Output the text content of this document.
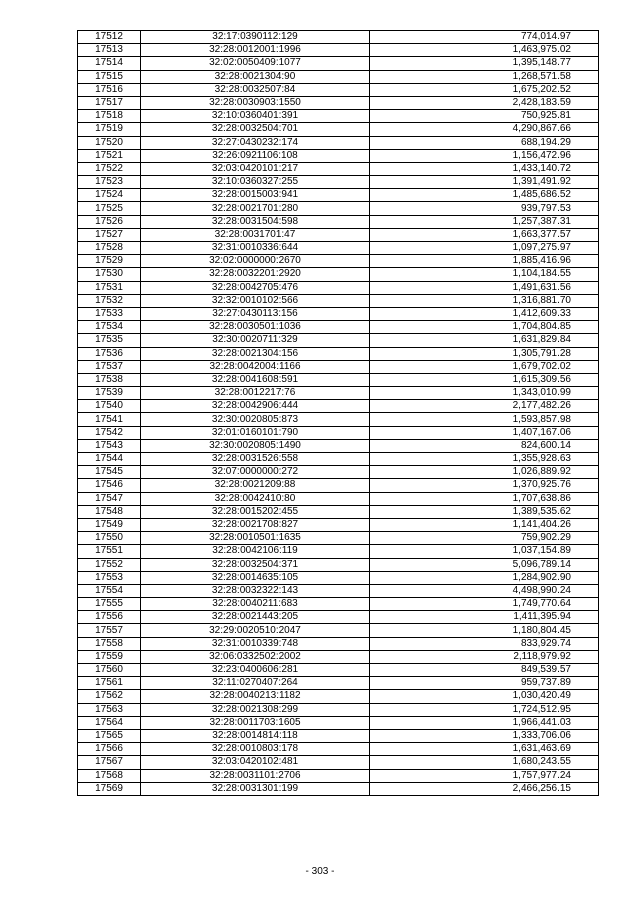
17512	32:17:0390112:129	774,014.97
17513	32:28:0012001:1996	1,463,975.02
17514	32:02:0050409:1077	1,395,148.77
17515	32:28:0021304:90	1,268,571.58
17516	32:28:0032507:84	1,675,202.52
17517	32:28:0030903:1550	2,428,183.59
17518	32:10:0360401:391	750,925.81
17519	32:28:0032504:701	4,290,867.66
17520	32:27:0430232:174	688,194.29
17521	32:26:0921106:108	1,156,472.96
17522	32:03:0420101:217	1,433,140.72
17523	32:10:0360327:255	1,391,491.92
17524	32:28:0015003:941	1,485,686.52
17525	32:28:0021701:280	939,797.53
17526	32:28:0031504:598	1,257,387.31
17527	32:28:0031701:47	1,663,377.57
17528	32:31:0010336:644	1,097,275.97
17529	32:02:0000000:2670	1,885,416.96
17530	32:28:0032201:2920	1,104,184.55
17531	32:28:0042705:476	1,491,631.56
17532	32:32:0010102:566	1,316,881.70
17533	32:27:0430113:156	1,412,609.33
17534	32:28:0030501:1036	1,704,804.85
17535	32:30:0020711:329	1,631,829.84
17536	32:28:0021304:156	1,305,791.28
17537	32:28:0042004:1166	1,679,702.02
17538	32:28:0041608:591	1,615,309.56
17539	32:28:0012217:76	1,343,010.99
17540	32:28:0042906:444	2,177,482.26
17541	32:30:0020805:873	1,593,857.98
17542	32:01:0160101:790	1,407,167.06
17543	32:30:0020805:1490	824,600.14
17544	32:28:0031526:558	1,355,928.63
17545	32:07:0000000:272	1,026,889.92
17546	32:28:0021209:88	1,370,925.76
17547	32:28:0042410:80	1,707,638.86
17548	32:28:0015202:455	1,389,535.62
17549	32:28:0021708:827	1,141,404.26
17550	32:28:0010501:1635	759,902.29
17551	32:28:0042106:119	1,037,154.89
17552	32:28:0032504:371	5,096,789.14
17553	32:28:0014635:105	1,284,902.90
17554	32:28:0032322:143	4,498,990.24
17555	32:28:0040211:683	1,749,770.64
17556	32:28:0021443:205	1,411,395.94
17557	32:29:0020510:2047	1,180,804.45
17558	32:31:0010339:748	833,929.74
17559	32:06:0332502:2002	2,118,979.92
17560	32:23:0400606:281	849,539.57
17561	32:11:0270407:264	959,737.89
17562	32:28:0040213:1182	1,030,420.49
17563	32:28:0021308:299	1,724,512.95
17564	32:28:0011703:1605	1,966,441.03
17565	32:28:0014814:118	1,333,706.06
17566	32:28:0010803:178	1,631,463.69
17567	32:03:0420102:481	1,680,243.55
17568	32:28:0031101:2706	1,757,977.24
17569	32:28:0031301:199	2,466,256.15
- 303 -
